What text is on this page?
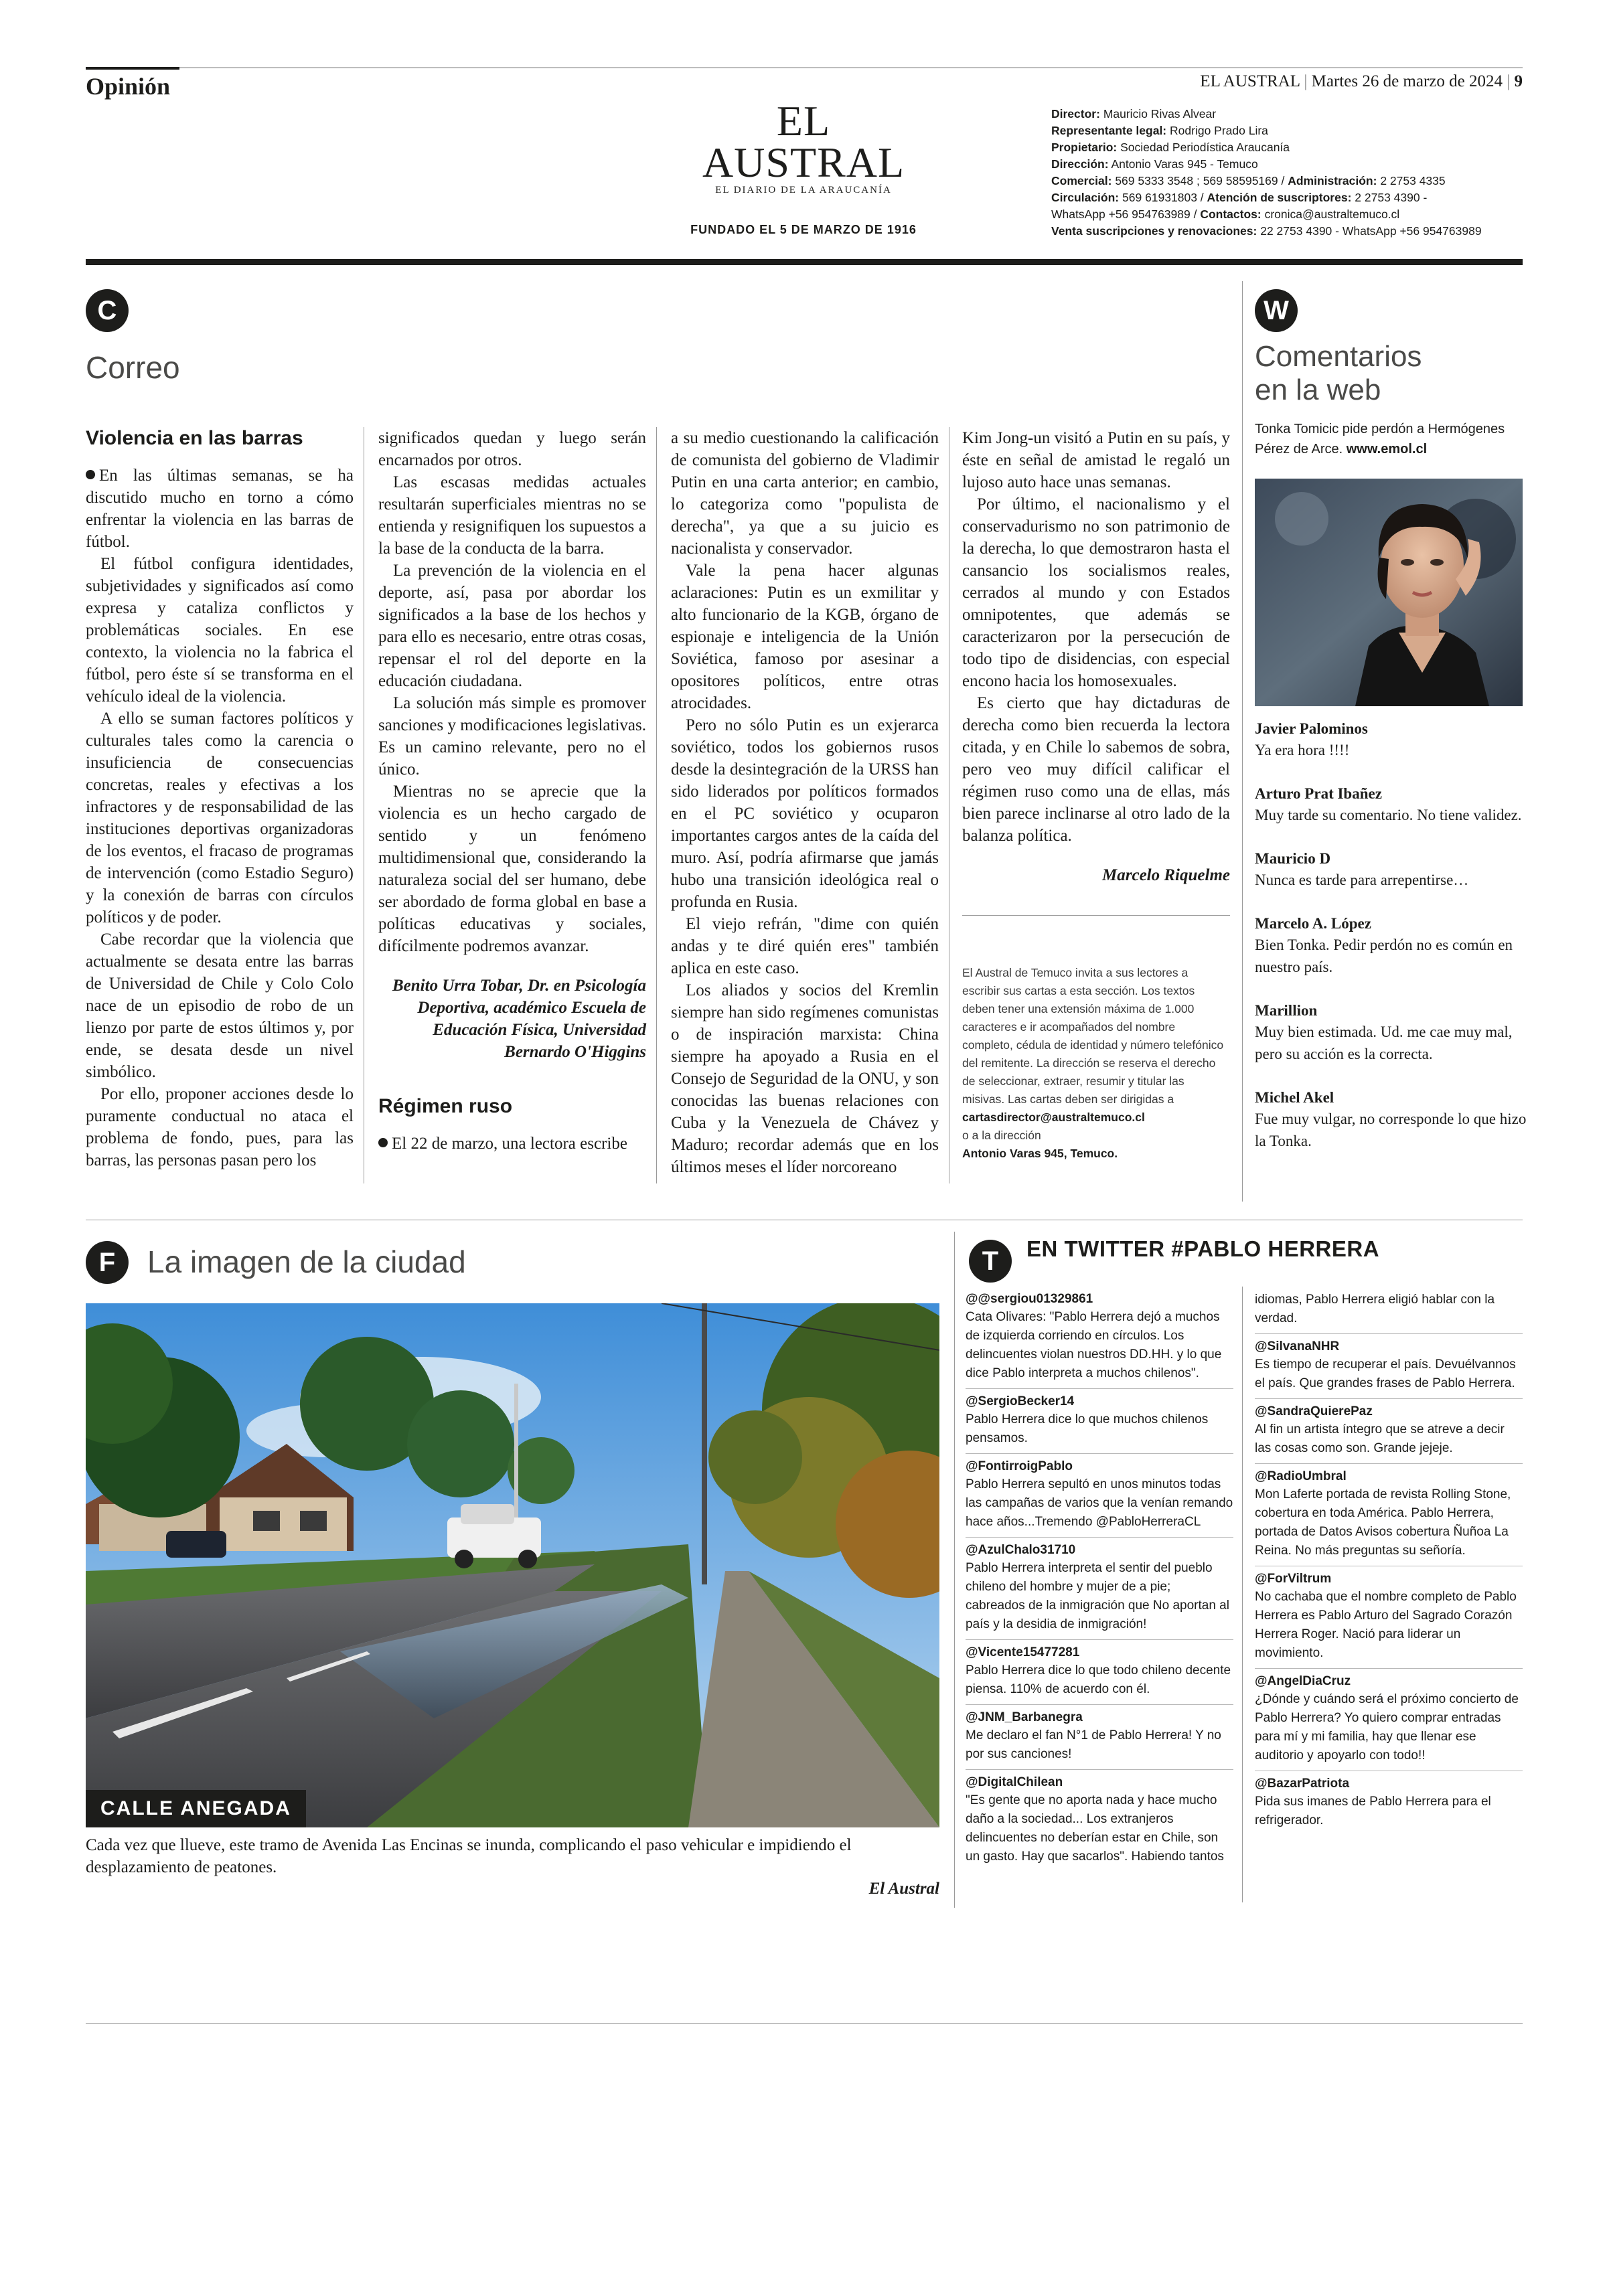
Opinión
EL AUSTRAL
EL DIARIO DE LA ARAUCANÍA
FUNDADO EL 5 DE MARZO DE 1916
EL AUSTRAL | Martes 26 de marzo de 2024 | 9
Director: Mauricio Rivas Alvear
Representante legal: Rodrigo Prado Lira
Propietario: Sociedad Periodística Araucanía
Dirección: Antonio Varas 945 - Temuco
Comercial: 569 5333 3548 ; 569 58595169 / Administración: 2 2753 4335
Circulación: 569 61931803 / Atención de suscriptores: 2 2753 4390 -
WhatsApp +56 954763989 / Contactos: cronica@australtemuco.cl
Venta suscripciones y renovaciones: 22 2753 4390 - WhatsApp +56 954763989
C
Correo
Violencia en las barras

En las últimas semanas, se ha discutido mucho en torno a cómo enfrentar la violencia en las barras de fútbol.

El fútbol configura identidades, subjetividades y significados así como expresa y cataliza conflictos y problemáticas sociales. En ese contexto, la violencia no la fabrica el fútbol, pero éste sí se transforma en el vehículo ideal de la violencia.

A ello se suman factores políticos y culturales tales como la carencia o insuficiencia de consecuencias concretas, reales y efectivas a los infractores y de responsabilidad de las instituciones deportivas organizadoras de los eventos, el fracaso de programas de intervención (como Estadio Seguro) y la conexión de barras con círculos políticos y de poder.

Cabe recordar que la violencia que actualmente se desata entre las barras de Universidad de Chile y Colo Colo nace de un episodio de robo de un lienzo por parte de estos últimos y, por ende, se desata desde un nivel simbólico.

Por ello, proponer acciones desde lo puramente conductual no ataca el problema de fondo, pues, para las barras, las personas pasan pero los

significados quedan y luego serán encarnados por otros.

Las escasas medidas actuales resultarán superficiales mientras no se entienda y resignifiquen los supuestos a la base de la conducta de la barra.

La prevención de la violencia en el deporte, así, pasa por abordar los significados a la base de los hechos y para ello es necesario, entre otras cosas, repensar el rol del deporte en la educación ciudadana.

La solución más simple es promover sanciones y modificaciones legislativas. Es un camino relevante, pero no el único.

Mientras no se aprecie que la violencia es un hecho cargado de sentido y un fenómeno multidimensional que, considerando la naturaleza social del ser humano, debe ser abordado de forma global en base a políticas educativas y sociales, difícilmente podremos avanzar.

Benito Urra Tobar, Dr. en Psicología Deportiva, académico Escuela de Educación Física, Universidad Bernardo O'Higgins

Régimen ruso

El 22 de marzo, una lectora escribe

a su medio cuestionando la calificación de comunista del gobierno de Vladimir Putin en una carta anterior; en cambio, lo categoriza como "populista de derecha", ya que a su juicio es nacionalista y conservador.

Vale la pena hacer algunas aclaraciones: Putin es un exmilitar y alto funcionario de la KGB, órgano de espionaje e inteligencia de la Unión Soviética, famoso por asesinar a opositores políticos, entre otras atrocidades.

Pero no sólo Putin es un exjerarca soviético, todos los gobiernos rusos desde la desintegración de la URSS han sido liderados por políticos formados en el PC soviético y ocuparon importantes cargos antes de la caída del muro. Así, podría afirmarse que jamás hubo una transición ideológica real o profunda en Rusia.

El viejo refrán, "dime con quién andas y te diré quién eres" también aplica en este caso.

Los aliados y socios del Kremlin siempre han sido regímenes comunistas o de inspiración marxista: China siempre ha apoyado a Rusia en el Consejo de Seguridad de la ONU, y son conocidas las buenas relaciones con Cuba y la Venezuela de Chávez y Maduro; recordar además que en los últimos meses el líder norcoreano

Kim Jong-un visitó a Putin en su país, y éste en señal de amistad le regaló un lujoso auto hace unas semanas.

Por último, el nacionalismo y el conservadurismo no son patrimonio de la derecha, lo que demostraron hasta el cansancio los socialismos reales, cerrados al mundo y con Estados omnipotentes, que además se caracterizaron por la persecución de todo tipo de disidencias, con especial encono hacia los homosexuales.

Es cierto que hay dictaduras de derecha como bien recuerda la lectora citada, y en Chile lo sabemos de sobra, pero veo muy difícil calificar el régimen ruso como una de ellas, más bien parece inclinarse al otro lado de la balanza política.

Marcelo Riquelme

El Austral de Temuco invita a sus lectores a escribir sus cartas a esta sección. Los textos deben tener una extensión máxima de 1.000 caracteres e ir acompañados del nombre completo, cédula de identidad y número telefónico del remitente. La dirección se reserva el derecho de seleccionar, extraer, resumir y titular las misivas. Las cartas deben ser dirigidas a cartasdirector@australtemuco.cl
o a la dirección
Antonio Varas 945, Temuco.
W
Comentarios
en la web
Tonka Tomicic pide perdón a Hermógenes Pérez de Arce. www.emol.cl
Javier Palominos
Ya era hora !!!!
Arturo Prat Ibañez
Muy tarde su comentario. No tiene validez.
Mauricio D
Nunca es tarde para arrepentirse…
Marcelo A. López
Bien Tonka. Pedir perdón no es común en nuestro país.
Marillion
Muy bien estimada. Ud. me cae muy mal, pero su acción es la correcta.
Michel Akel
Fue muy vulgar, no corresponde lo que hizo la Tonka.
F	La imagen de la ciudad
CALLE ANEGADA
Cada vez que llueve, este tramo de Avenida Las Encinas se inunda, complicando el paso vehicular e impidiendo el desplazamiento de peatones.
El Austral
T	EN TWITTER #PABLO HERRERA
@@sergiou01329861
Cata Olivares: "Pablo Herrera dejó a muchos de izquierda corriendo en círculos. Los delincuentes violan nuestros DD.HH. y lo que dice Pablo interpreta a muchos chilenos".
@SergioBecker14
Pablo Herrera dice lo que muchos chilenos pensamos.
@FontirroigPablo
Pablo Herrera sepultó en unos minutos todas las campañas de varios que la venían remando hace años...Tremendo @PabloHerreraCL
@AzulChalo31710
Pablo Herrera interpreta el sentir del pueblo chileno del hombre y mujer de a pie; cabreados de la inmigración que No aportan al país y la desidia de inmigración!
@Vicente15477281
Pablo Herrera dice lo que todo chileno decente piensa. 110% de acuerdo con él.
@JNM_Barbanegra
Me declaro el fan N°1 de Pablo Herrera! Y no por sus canciones!
@DigitalChilean
"Es gente que no aporta nada y hace mucho daño a la sociedad... Los extranjeros delincuentes no deberían estar en Chile, son un gasto. Hay que sacarlos". Habiendo tantos
idiomas, Pablo Herrera eligió hablar con la verdad.
@SilvanaNHR
Es tiempo de recuperar el país. Devuélvannos el país. Que grandes frases de Pablo Herrera.
@SandraQuierePaz
Al fin un artista íntegro que se atreve a decir las cosas como son. Grande jejeje.
@RadioUmbral
Mon Laferte portada de revista Rolling Stone, cobertura en toda América. Pablo Herrera, portada de Datos Avisos cobertura Ñuñoa La Reina. No más preguntas su señoría.
@ForViltrum
No cachaba que el nombre completo de Pablo Herrera es Pablo Arturo del Sagrado Corazón Herrera Roger. Nació para liderar un movimiento.
@AngelDiaCruz
¿Dónde y cuándo será el próximo concierto de Pablo Herrera? Yo quiero comprar entradas para mí y mi familia, hay que llenar ese auditorio y apoyarlo con todo!!
@BazarPatriota
Pida sus imanes de Pablo Herrera para el refrigerador.
